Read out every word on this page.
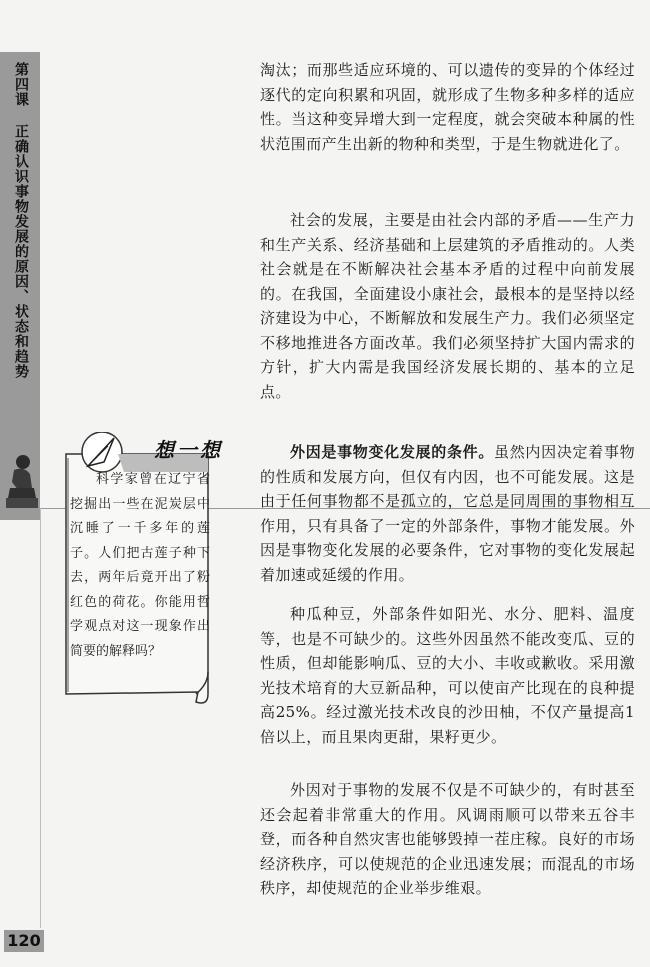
第四课 正确认识事物发展的原因、状态和趋势
120
想一想

科学家曾在辽宁省挖掘出一些在泥炭层中沉睡了一千多年的莲子。人们把古莲子种下去，两年后竟开出了粉红色的荷花。你能用哲学观点对这一现象作出简要的解释吗？

淘汰；而那些适应环境的、可以遗传的变异的个体经过逐代的定向积累和巩固，就形成了生物多种多样的适应性。当这种变异增大到一定程度，就会突破本种属的性状范围而产生出新的物种和类型，于是生物就进化了。

社会的发展，主要是由社会内部的矛盾——生产力和生产关系、经济基础和上层建筑的矛盾推动的。人类社会就是在不断解决社会基本矛盾的过程中向前发展的。在我国，全面建设小康社会，最根本的是坚持以经济建设为中心，不断解放和发展生产力。我们必须坚定不移地推进各方面改革。我们必须坚持扩大国内需求的方针，扩大内需是我国经济发展长期的、基本的立足点。

外因是事物变化发展的条件。虽然内因决定着事物的性质和发展方向，但仅有内因，也不可能发展。这是由于任何事物都不是孤立的，它总是同周围的事物相互作用，只有具备了一定的外部条件，事物才能发展。外因是事物变化发展的必要条件，它对事物的变化发展起着加速或延缓的作用。

种瓜种豆，外部条件如阳光、水分、肥料、温度等，也是不可缺少的。这些外因虽然不能改变瓜、豆的性质，但却能影响瓜、豆的大小、丰收或歉收。采用激光技术培育的大豆新品种，可以使亩产比现在的良种提高25%。经过激光技术改良的沙田柚，不仅产量提高1倍以上，而且果肉更甜，果籽更少。

外因对于事物的发展不仅是不可缺少的，有时甚至还会起着非常重大的作用。风调雨顺可以带来五谷丰登，而各种自然灾害也能够毁掉一茬庄稼。良好的市场经济秩序，可以使规范的企业迅速发展；而混乱的市场秩序，却使规范的企业举步维艰。
